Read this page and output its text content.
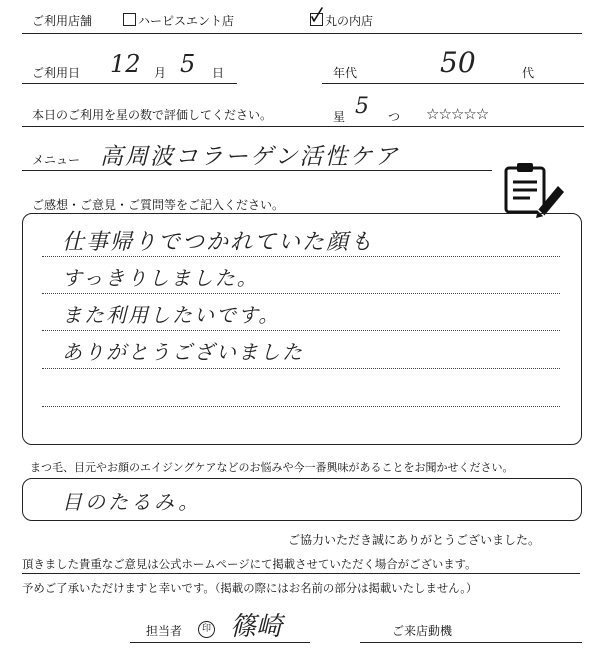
ご利用店舗	ハーピスエント店	丸の内店
ご利用日 12 月 5 日	年代	50	代
本日のご利用を星の数で評価してください。	星 5 つ ☆☆☆☆☆
メニュー 高周波コラーゲン活性ケア
ご感想・ご意見・ご質問等をご記入ください。
仕事帰りでつかれていた顔も
すっきりしました。
また利用したいです。
ありがとうございました
まつ毛、目元やお顔のエイジングケアなどのお悩みや今一番興味があることをお聞かせください。
目のたるみ。
ご協力いただき誠にありがとうございました。
頂きました貴重なご意見は公式ホームページにて掲載させていただく場合がございます。
予めご了承いただけますと幸いです。（掲載の際にはお名前の部分は掲載いたしません。）
担当者	印 篠崎	ご来店動機
